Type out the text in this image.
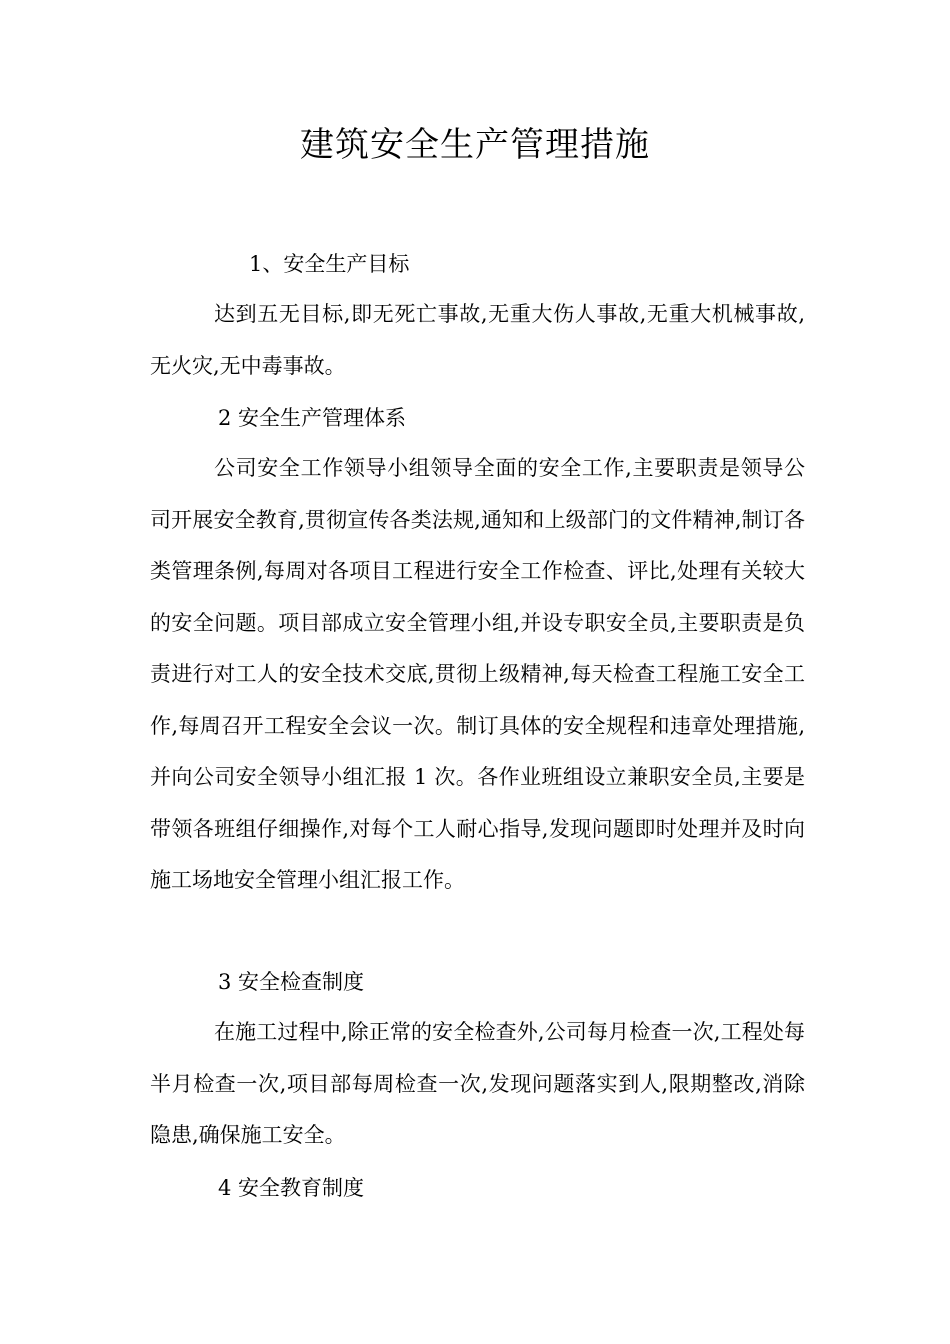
建筑安全生产管理措施
1、安全生产目标

达到五无目标,即无死亡事故,无重大伤人事故,无重大机械事故,无火灾,无中毒事故。

2 安全生产管理体系

公司安全工作领导小组领导全面的安全工作,主要职责是领导公司开展安全教育,贯彻宣传各类法规,通知和上级部门的文件精神,制订各类管理条例,每周对各项目工程进行安全工作检查、评比,处理有关较大的安全问题。项目部成立安全管理小组,并设专职安全员,主要职责是负责进行对工人的安全技术交底,贯彻上级精神,每天检查工程施工安全工作,每周召开工程安全会议一次。制订具体的安全规程和违章处理措施,并向公司安全领导小组汇报 1 次。各作业班组设立兼职安全员,主要是带领各班组仔细操作,对每个工人耐心指导,发现问题即时处理并及时向施工场地安全管理小组汇报工作。

3 安全检查制度

在施工过程中,除正常的安全检查外,公司每月检查一次,工程处每半月检查一次,项目部每周检查一次,发现问题落实到人,限期整改,消除隐患,确保施工安全。

4 安全教育制度
